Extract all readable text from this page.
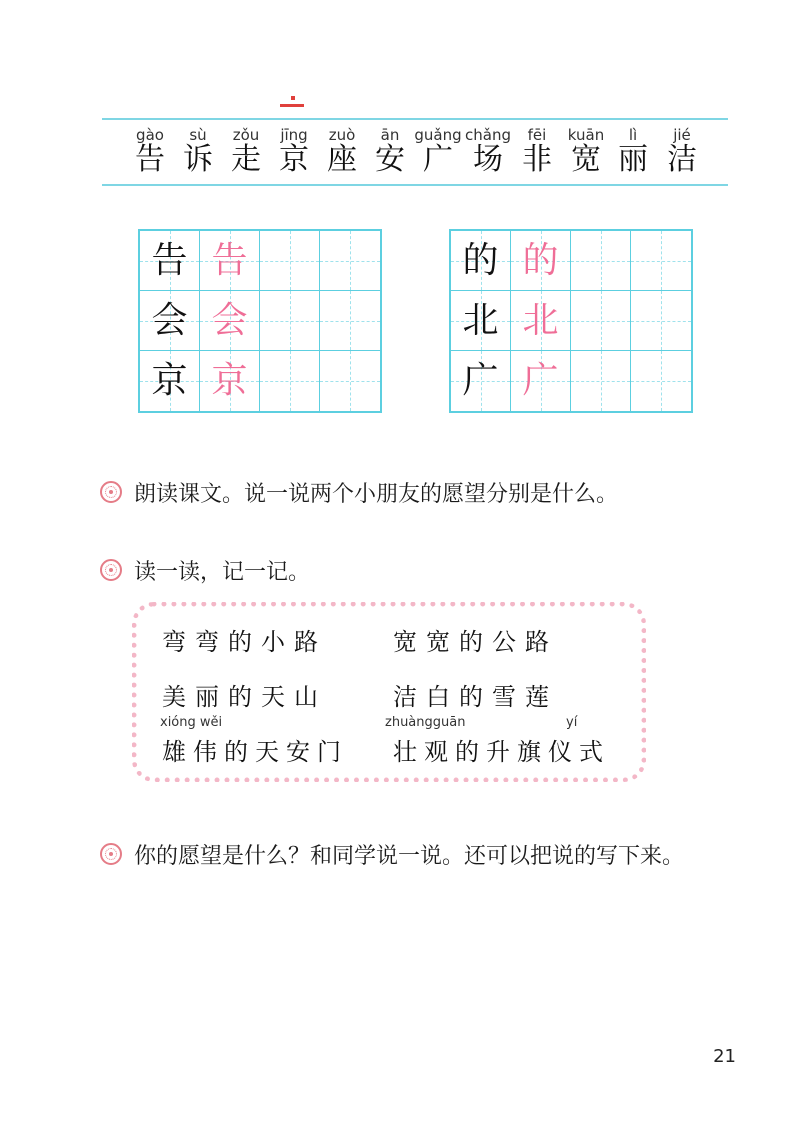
gào
告
sù
诉
zǒu
走
jīng
京
zuò
座
ān
安
guǎng
广
chǎng
场
fēi
非
kuān
宽
lì
丽
jié
洁
告 告
会 会
京 京
的 的
北 北
广 广
朗读课文。说一说两个小朋友的愿望分别是什么。
读一读，记一记。
弯弯的小路	宽宽的公路
美丽的天山	洁白的雪莲
xióng wěi	zhuàngguān	yí
雄伟的天安门 壮观的升旗仪式
你的愿望是什么？和同学说一说。还可以把说的写下来。
21
